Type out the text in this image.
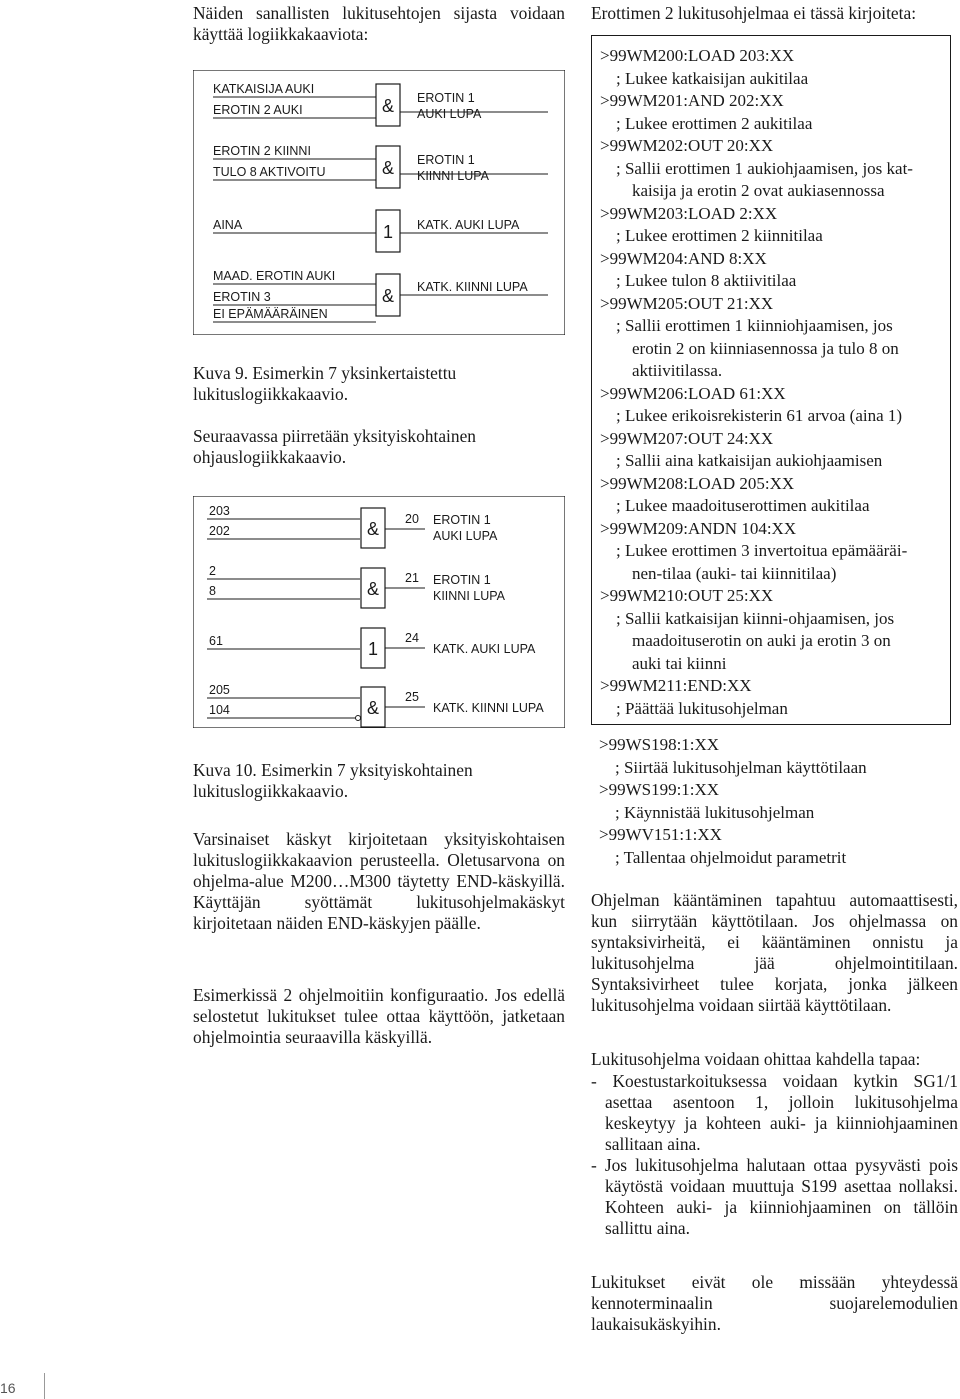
Näiden sanallisten lukitusehtojen sijasta voidaan käyttää logiikkakaaviota:

KATKAISIJA AUKI
EROTIN 2 AUKI
EROTIN 2 KIINNI
TULO 8 AKTIVOITU
AINA
MAAD. EROTIN AUKI
EROTIN 3
EI EPÄMÄÄRÄINEN
&
&
1
&
EROTIN 1
AUKI LUPA
EROTIN 1
KIINNI LUPA
KATK. AUKI LUPA
KATK. KIINNI LUPA

Kuva 9. Esimerkin 7 yksinkertaistettu lukituslogiikkakaavio.

Seuraavassa piirretään yksityiskohtainen ohjauslogiikkakaavio.

203
202
2
8
61
205
104
&
&
1
&
20 EROTIN 1
AUKI LUPA
21 EROTIN 1
KIINNI LUPA
24
KATK. AUKI LUPA
25
KATK. KIINNI LUPA

Kuva 10. Esimerkin 7 yksityiskohtainen lukituslogiikkakaavio.

Varsinaiset käskyt kirjoitetaan yksityiskohtaisen lukituslogiikkakaavion perusteella. Oletusarvona on ohjelma-alue M200…M300 täytetty END-käskyillä. Käyttäjän syöttämät lukitusohjelmakäskyt kirjoitetaan näiden END-käskyjen päälle.

Esimerkissä 2 ohjelmoitiin konfiguraatio. Jos edellä selostetut lukitukset tulee ottaa käyttöön, jatketaan ohjelmointia seuraavilla käskyillä.

Erottimen 2 lukitusohjelmaa ei tässä kirjoiteta:

>99WM200:LOAD 203:XX
; Lukee katkaisijan aukitilaa
>99WM201:AND 202:XX
; Lukee erottimen 2 aukitilaa
>99WM202:OUT 20:XX
; Sallii erottimen 1 aukiohjaamisen, jos kat-
kaisija ja erotin 2 ovat aukiasennossa
>99WM203:LOAD 2:XX
; Lukee erottimen 2 kiinnitilaa
>99WM204:AND 8:XX
; Lukee tulon 8 aktiivitilaa
>99WM205:OUT 21:XX
; Sallii erottimen 1 kiinniohjaamisen, jos
erotin 2 on kiinniasennossa ja tulo 8 on
aktiivitilassa.
>99WM206:LOAD 61:XX
; Lukee erikoisrekisterin 61 arvoa (aina 1)
>99WM207:OUT 24:XX
; Sallii aina katkaisijan aukiohjaamisen
>99WM208:LOAD 205:XX
; Lukee maadoituserottimen aukitilaa
>99WM209:ANDN 104:XX
; Lukee erottimen 3 invertoitua epämääräi-
nen-tilaa (auki- tai kiinnitilaa)
>99WM210:OUT 25:XX
; Sallii katkaisijan kiinni-ohjaamisen, jos
maadoituserotin on auki ja erotin 3 on
auki tai kiinni
>99WM211:END:XX
; Päättää lukitusohjelman
>99WS198:1:XX
; Siirtää lukitusohjelman käyttötilaan
>99WS199:1:XX
; Käynnistää lukitusohjelman
>99WV151:1:XX
; Tallentaa ohjelmoidut parametrit

Ohjelman kääntäminen tapahtuu automaattisesti, kun siirrytään käyttötilaan. Jos ohjelmassa on syntaksivirheitä, ei kääntäminen onnistu ja lukitusohjelma jää ohjelmointitilaan. Syntaksivirheet tulee korjata, jonka jälkeen lukitusohjelma voidaan siirtää käyttötilaan.

Lukitusohjelma voidaan ohittaa kahdella tapaa:

- Koestustarkoituksessa voidaan kytkin SG1/1 asettaa asentoon 1, jolloin lukitusohjelma keskeytyy ja kohteen auki- ja kiinniohjaaminen sallitaan aina.
- Jos lukitusohjelma halutaan ottaa pysyvästi pois käytöstä voidaan muuttuja S199 asettaa nollaksi. Kohteen auki- ja kiinniohjaaminen on tällöin sallittu aina.

Lukitukset eivät ole missään yhteydessä kennoterminaalin suojarelemodulien laukaisukäskyihin.

16
